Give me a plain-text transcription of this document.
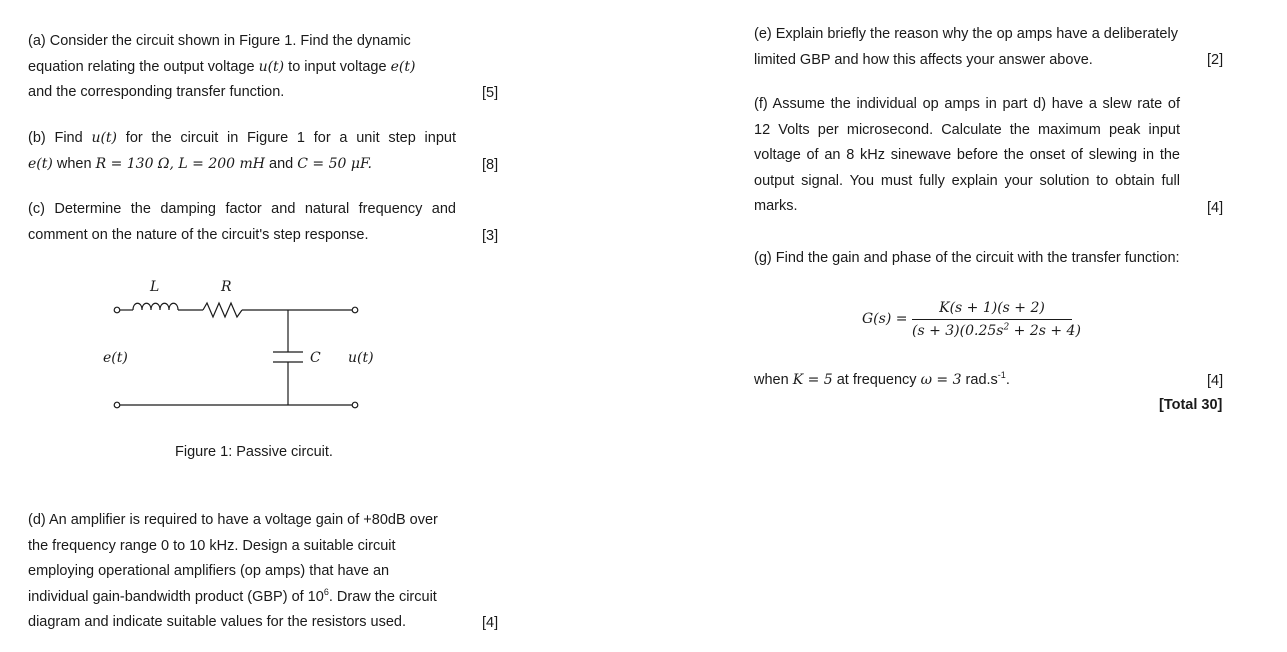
(a) Consider the circuit shown in Figure 1. Find the dynamic
equation relating the output voltage u(t) to input voltage e(t)
and the corresponding transfer function.	[5]
(b) Find u(t) for the circuit in Figure 1 for a unit step input
e(t) when R = 130 Ω, L = 200 mH and C = 50 μF.	[8]
(c) Determine the damping factor and natural frequency and
comment on the nature of the circuit's step response.	[3]
L	R
C
e(t)	u(t)
Figure 1: Passive circuit.
(d) An amplifier is required to have a voltage gain of +80dB over
the frequency range 0 to 10 kHz. Design a suitable circuit
employing operational amplifiers (op amps) that have an
individual gain-bandwidth product (GBP) of $10^6$. Draw the circuit
diagram and indicate suitable values for the resistors used.	[4]
(e) Explain briefly the reason why the op amps have a deliberately
limited GBP and how this affects your answer above.	[2]
(f) Assume the individual op amps in part d) have a slew rate of
12 Volts per microsecond. Calculate the maximum peak input
voltage of an 8 kHz sinewave before the onset of slewing in the
output signal. You must fully explain your solution to obtain full
marks.	[4]
(g) Find the gain and phase of the circuit with the transfer function:
G(s) =
K(s + 1)(s + 2)
$(s + 3)(0.25s^2 + 2s + 4)$
when K = 5 at frequency ω = 3 $rad.s^{-1}$.	[4]
[Total 30]
